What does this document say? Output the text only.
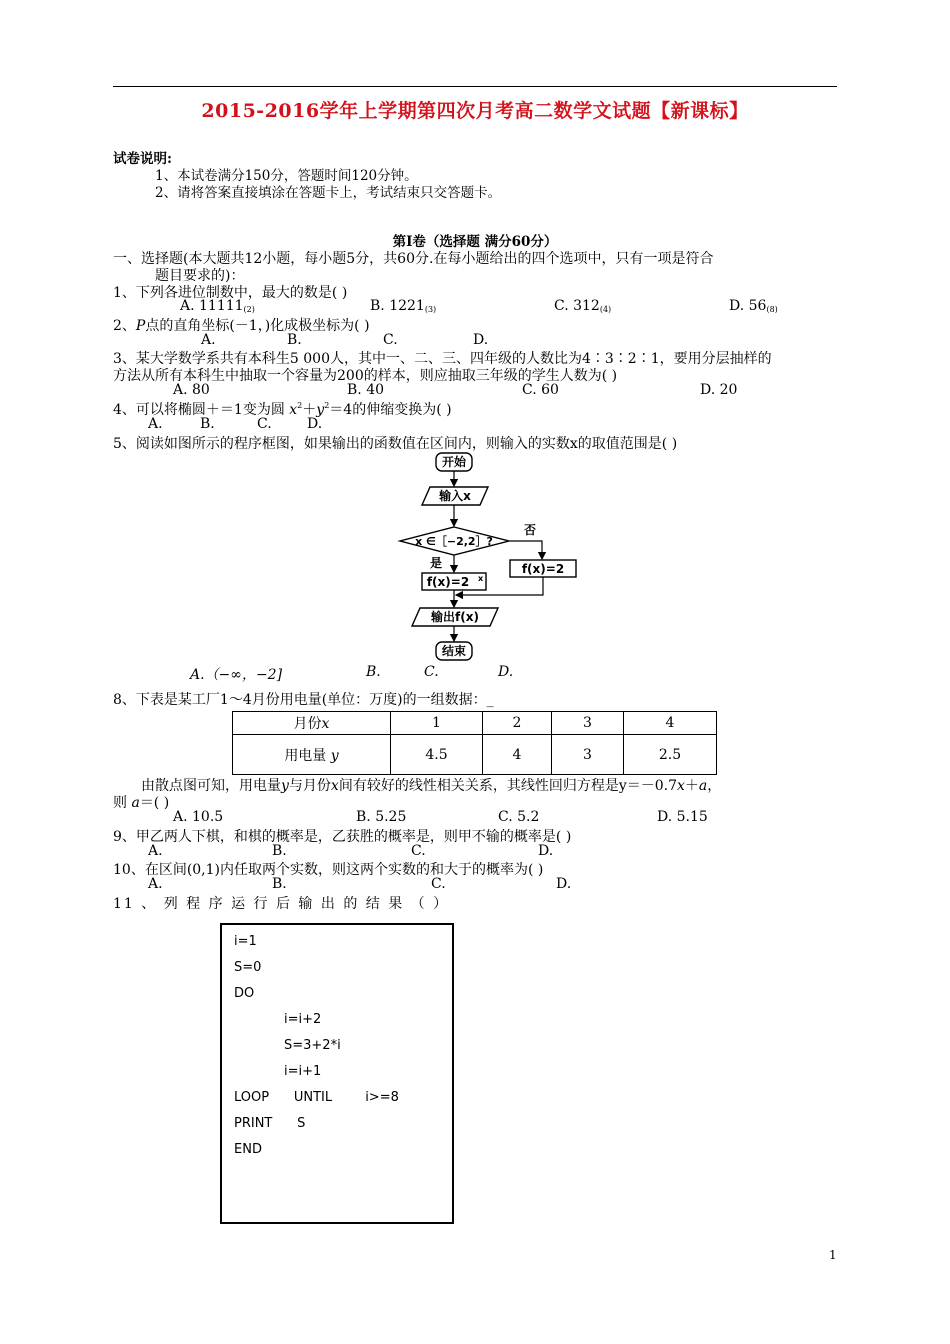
2015-2016学年上学期第四次月考高二数学文试题【新课标】
试卷说明:
1、本试卷满分150分，答题时间120分钟。
2、请将答案直接填涂在答题卡上，考试结束只交答题卡。
第Ⅰ卷（选择题 满分60分）
一、选择题(本大题共12小题，每小题5分，共60分.在每小题给出的四个选项中，只有一项是符合
题目要求的)：
1、下列各进位制数中，最大的数是( )
A. $11111_{(2)}$	B. $1221_{(3)}$	C. $312_{(4)}$	D. $56_{(8)}$
2、P点的直角坐标(－1，)化成极坐标为( )
A.	B.	C.	D.
3、某大学数学系共有本科生5 000人，其中一、二、三、四年级的人数比为4∶3∶2∶1，要用分层抽样的
方法从所有本科生中抽取一个容量为200的样本，则应抽取三年级的学生人数为( )
A. 80	B. 40	C. 60	D. 20
4、可以将椭圆＋＝1变为圆 $x^2+y^2=4$的伸缩变换为( )
A.	B.	C.	D.
5、阅读如图所示的程序框图，如果输出的函数值在区间内，则输入的实数x的取值范围是( )
开始
输入x
x ∈［−2,2］?
否
f(x)=2
是
f(x)=2 x
输出f(x)
结束
A.（−∞，−2]	B.	C.	D.
8、下表是某工厂1～4月份用电量(单位：万度)的一组数据：_
月份x	1	2	3	4
用电量 y	4.5	4	3	2.5
由散点图可知，用电量y与月份x间有较好的线性相关关系，其线性回归方程是y＝－0.7x＋a，
则 a＝( )
A. 10.5	B. 5.25	C. 5.2	D. 5.15
9、甲乙两人下棋，和棋的概率是，乙获胜的概率是，则甲不输的概率是( )
A.	B.	C.	D.
10、在区间(0,1)内任取两个实数，则这两个实数的和大于的概率为( )
A.	B.	C.	D.
11 、 列 程 序 运 行 后 输 出 的 结 果 （ ）
i=1
S=0
DO
i=i+2
S=3+2*i
i=i+1
LOOP      UNTIL        i>=8
PRINT      S
END
1
